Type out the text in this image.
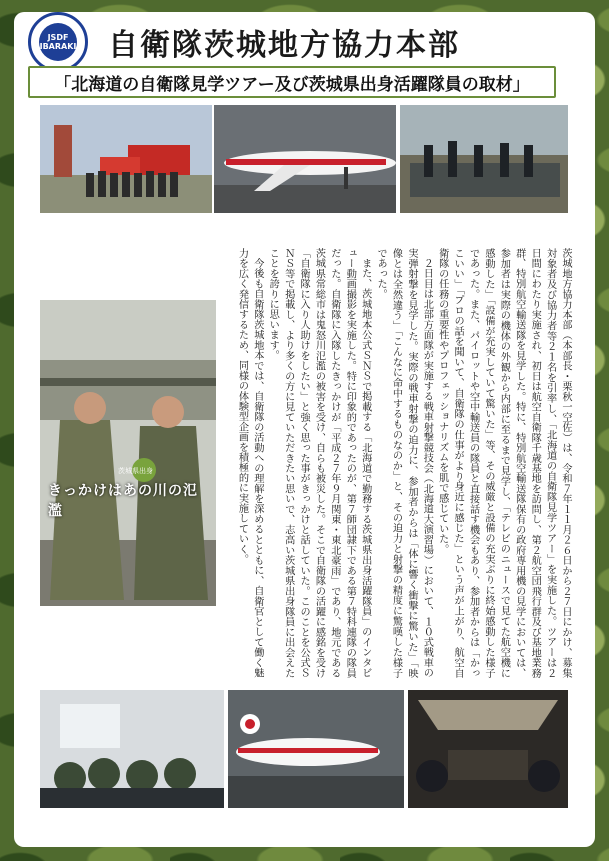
JSDF IBARAKI 自衛隊茨城地方協力本部
「北海道の自衛隊見学ツアー及び茨城県出身活躍隊員の取材」
茨城県出身
きっかけはあの川の氾濫	茨城地方協力本部（本部長・栗秋一空佐）は、令和７年１１月２６日から２７日にかけ、募集対象者及び協力者等２１名を引率し、「北海道の自衛隊見学ツアー」を実施した。ツアーは２日間にわたり実施され、初日は航空自衛隊千歳基地を訪問し、第２航空団飛行群及び基地業務群、特別航空輸送隊を見学した。特に、特別航空輸送隊保有の政府専用機の見学においては、参加者は実際の機体の外観から内部に至るまで見学し、「テレビのニュースで見てた航空機に感動した」「設備が充実していて驚いた」等、その威厳と設備の充実ぶりに終始感動した様子であった。また、パイロットや空中輸送員の隊員と直接話す機会もあり、参加者からは「かっこいい」「プロの話を聞いて、自衛隊の仕事がより身近に感じた」という声が上がり、航空自衛隊の任務の重要性やプロフェッショナリズムを肌で感じていた。

２日目は北部方面隊が実施する戦車射撃競技会（北海道大演習場）において、１０式戦車の実弾射撃を見学した。実際の戦車射撃の迫力に、参加者からは「体に響く衝撃に驚いた」「映像とは全然違う」「こんなに命中するものなのか」と、その迫力と射撃の精度に驚嘆した様子であった。

また、茨城地本公式ＳＮＳで掲載する「北海道で勤務する茨城県出身活躍隊員」のインタビュー動画撮影を実施した。特に印象的であったのが、第７師団隷下である第７特科連隊の隊員だった。自衛隊に入隊したきっかけが「平成２７年９月関東・東北豪雨」であり、地元である茨城県常総市は鬼怒川氾濫の被害を受け、自らも被災した。そこで自衛隊の活躍に感銘を受け「自衛隊に入り人助けをしたい」と強く思った事がきっかけと話していた。このことを公式ＳＮＳ等で掲載し、より多くの方に見ていただきたい思いで、志高い茨城県出身隊員に出会えたことを誇りに思います。

今後も自衛隊茨城地本では、自衛隊の活動への理解を深めるとともに、自衛官として働く魅力を広く発信するため、同様の体験型企画を積極的に実施していく。
